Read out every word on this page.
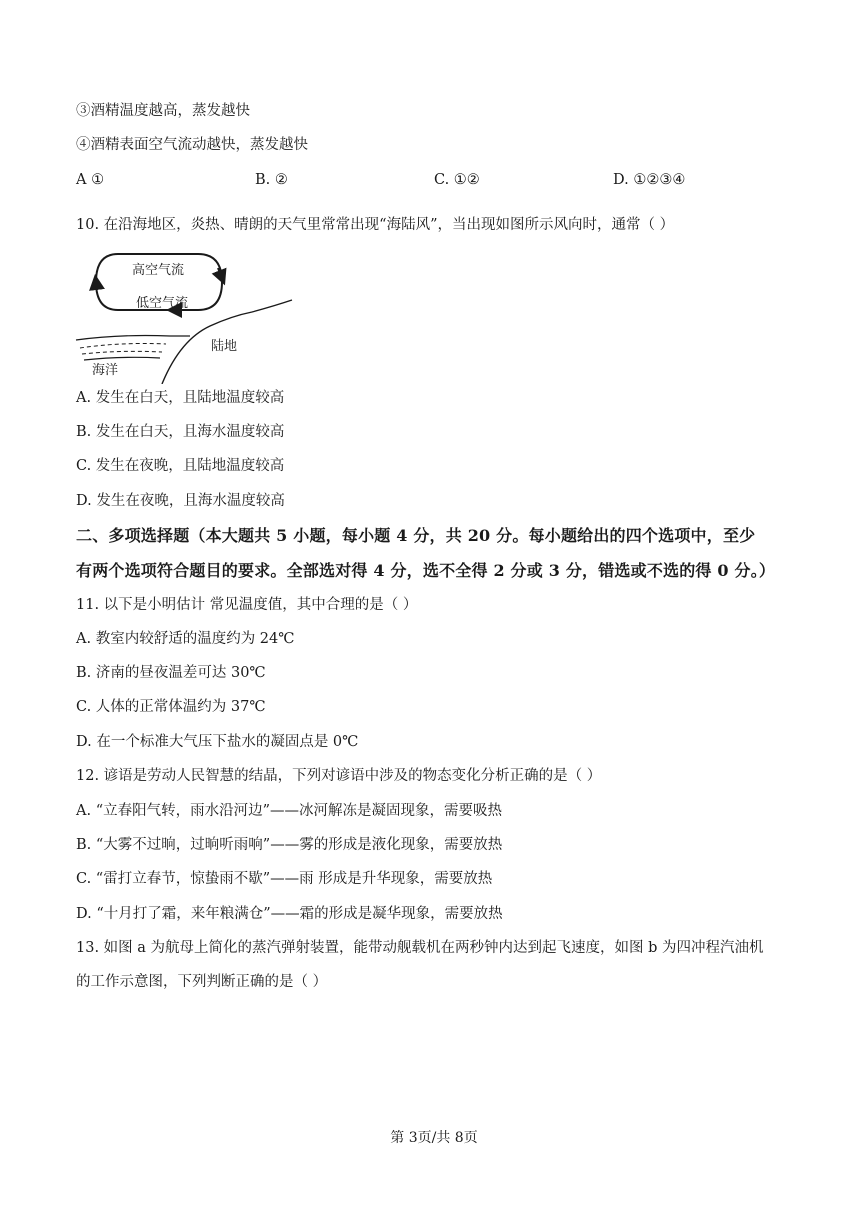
③酒精温度越高，蒸发越快
④酒精表面空气流动越快，蒸发越快
A ①	B. ②	C. ①②	D. ①②③④
10. 在沿海地区，炎热、晴朗的天气里常常出现“海陆风”，当出现如图所示风向时，通常（ ）
高空气流
低空气流
陆地
海洋
A. 发生在白天，且陆地温度较高
B. 发生在白天，且海水温度较高
C. 发生在夜晚，且陆地温度较高
D. 发生在夜晚，且海水温度较高
二、多项选择题（本大题共 5 小题，每小题 4 分，共 20 分。每小题给出的四个选项中，至少
有两个选项符合题目的要求。全部选对得 4 分，选不全得 2 分或 3 分，错选或不选的得 0 分。）
11. 以下是小明估计 常见温度值，其中合理的是（ ）
A. 教室内较舒适的温度约为 24℃
B. 济南的昼夜温差可达 30℃
C. 人体的正常体温约为 37℃
D. 在一个标准大气压下盐水的凝固点是 0℃
12. 谚语是劳动人民智慧的结晶，下列对谚语中涉及的物态变化分析正确的是（ ）
A. “立春阳气转，雨水沿河边”——冰河解冻是凝固现象，需要吸热
B. “大雾不过晌，过晌听雨响”——雾的形成是液化现象，需要放热
C. “雷打立春节，惊蛰雨不歇”——雨 形成是升华现象，需要放热
D. “十月打了霜，来年粮满仓”——霜的形成是凝华现象，需要放热
13. 如图 a 为航母上简化的蒸汽弹射装置，能带动舰载机在两秒钟内达到起飞速度，如图 b 为四冲程汽油机
的工作示意图，下列判断正确的是（ ）
第 3页/共 8页
